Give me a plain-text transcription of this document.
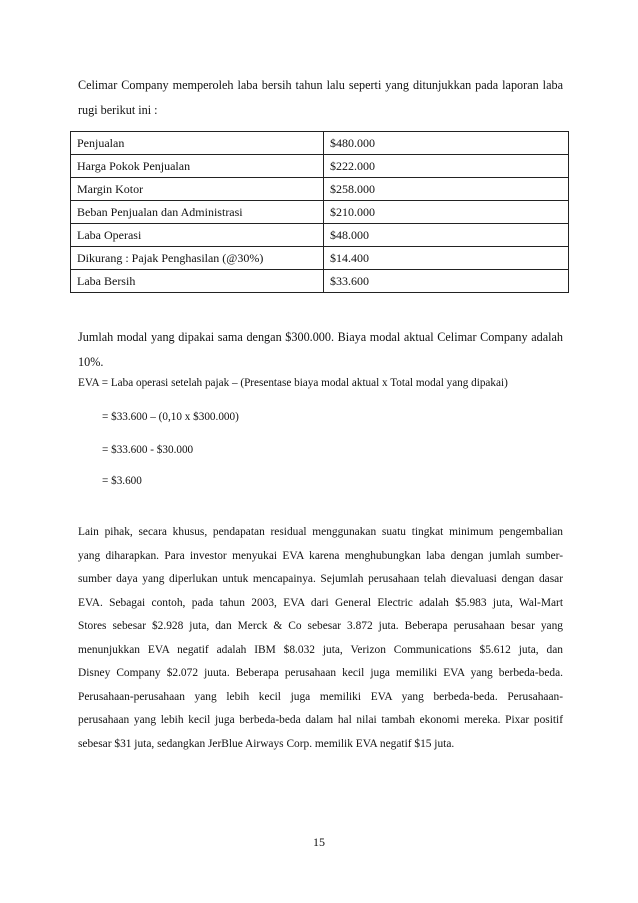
Celimar Company memperoleh laba bersih tahun lalu seperti yang ditunjukkan pada laporan laba rugi berikut ini :
Penjualan	$480.000
Harga Pokok Penjualan	$222.000
Margin Kotor	$258.000
Beban Penjualan dan Administrasi	$210.000
Laba Operasi	$48.000
Dikurang : Pajak Penghasilan (@30%)	$14.400
Laba Bersih	$33.600
Jumlah modal yang dipakai sama dengan $300.000. Biaya modal aktual Celimar Company adalah 10%.
EVA = Laba operasi setelah pajak – (Presentase biaya modal aktual x Total modal yang dipakai)
= $33.600 – (0,10 x $300.000)
= $33.600 - $30.000
= $3.600
Lain pihak, secara khusus, pendapatan residual menggunakan suatu tingkat minimum pengembalian
yang diharapkan. Para investor menyukai EVA karena menghubungkan laba dengan jumlah sumber-
sumber daya yang diperlukan untuk mencapainya. Sejumlah perusahaan telah dievaluasi dengan dasar
EVA. Sebagai contoh, pada tahun 2003, EVA dari General Electric adalah $5.983 juta, Wal-Mart
Stores sebesar $2.928 juta, dan Merck & Co sebesar 3.872 juta. Beberapa perusahaan besar yang
menunjukkan EVA negatif adalah IBM $8.032 juta, Verizon Communications $5.612 juta, dan
Disney Company $2.072 juuta. Beberapa perusahaan kecil juga memiliki EVA yang berbeda-beda.
Perusahaan-perusahaan yang lebih kecil juga memiliki EVA yang berbeda-beda. Perusahaan-
perusahaan yang lebih kecil juga berbeda-beda dalam hal nilai tambah ekonomi mereka. Pixar positif
sebesar $31 juta, sedangkan JerBlue Airways Corp. memilik EVA negatif $15 juta.
15
